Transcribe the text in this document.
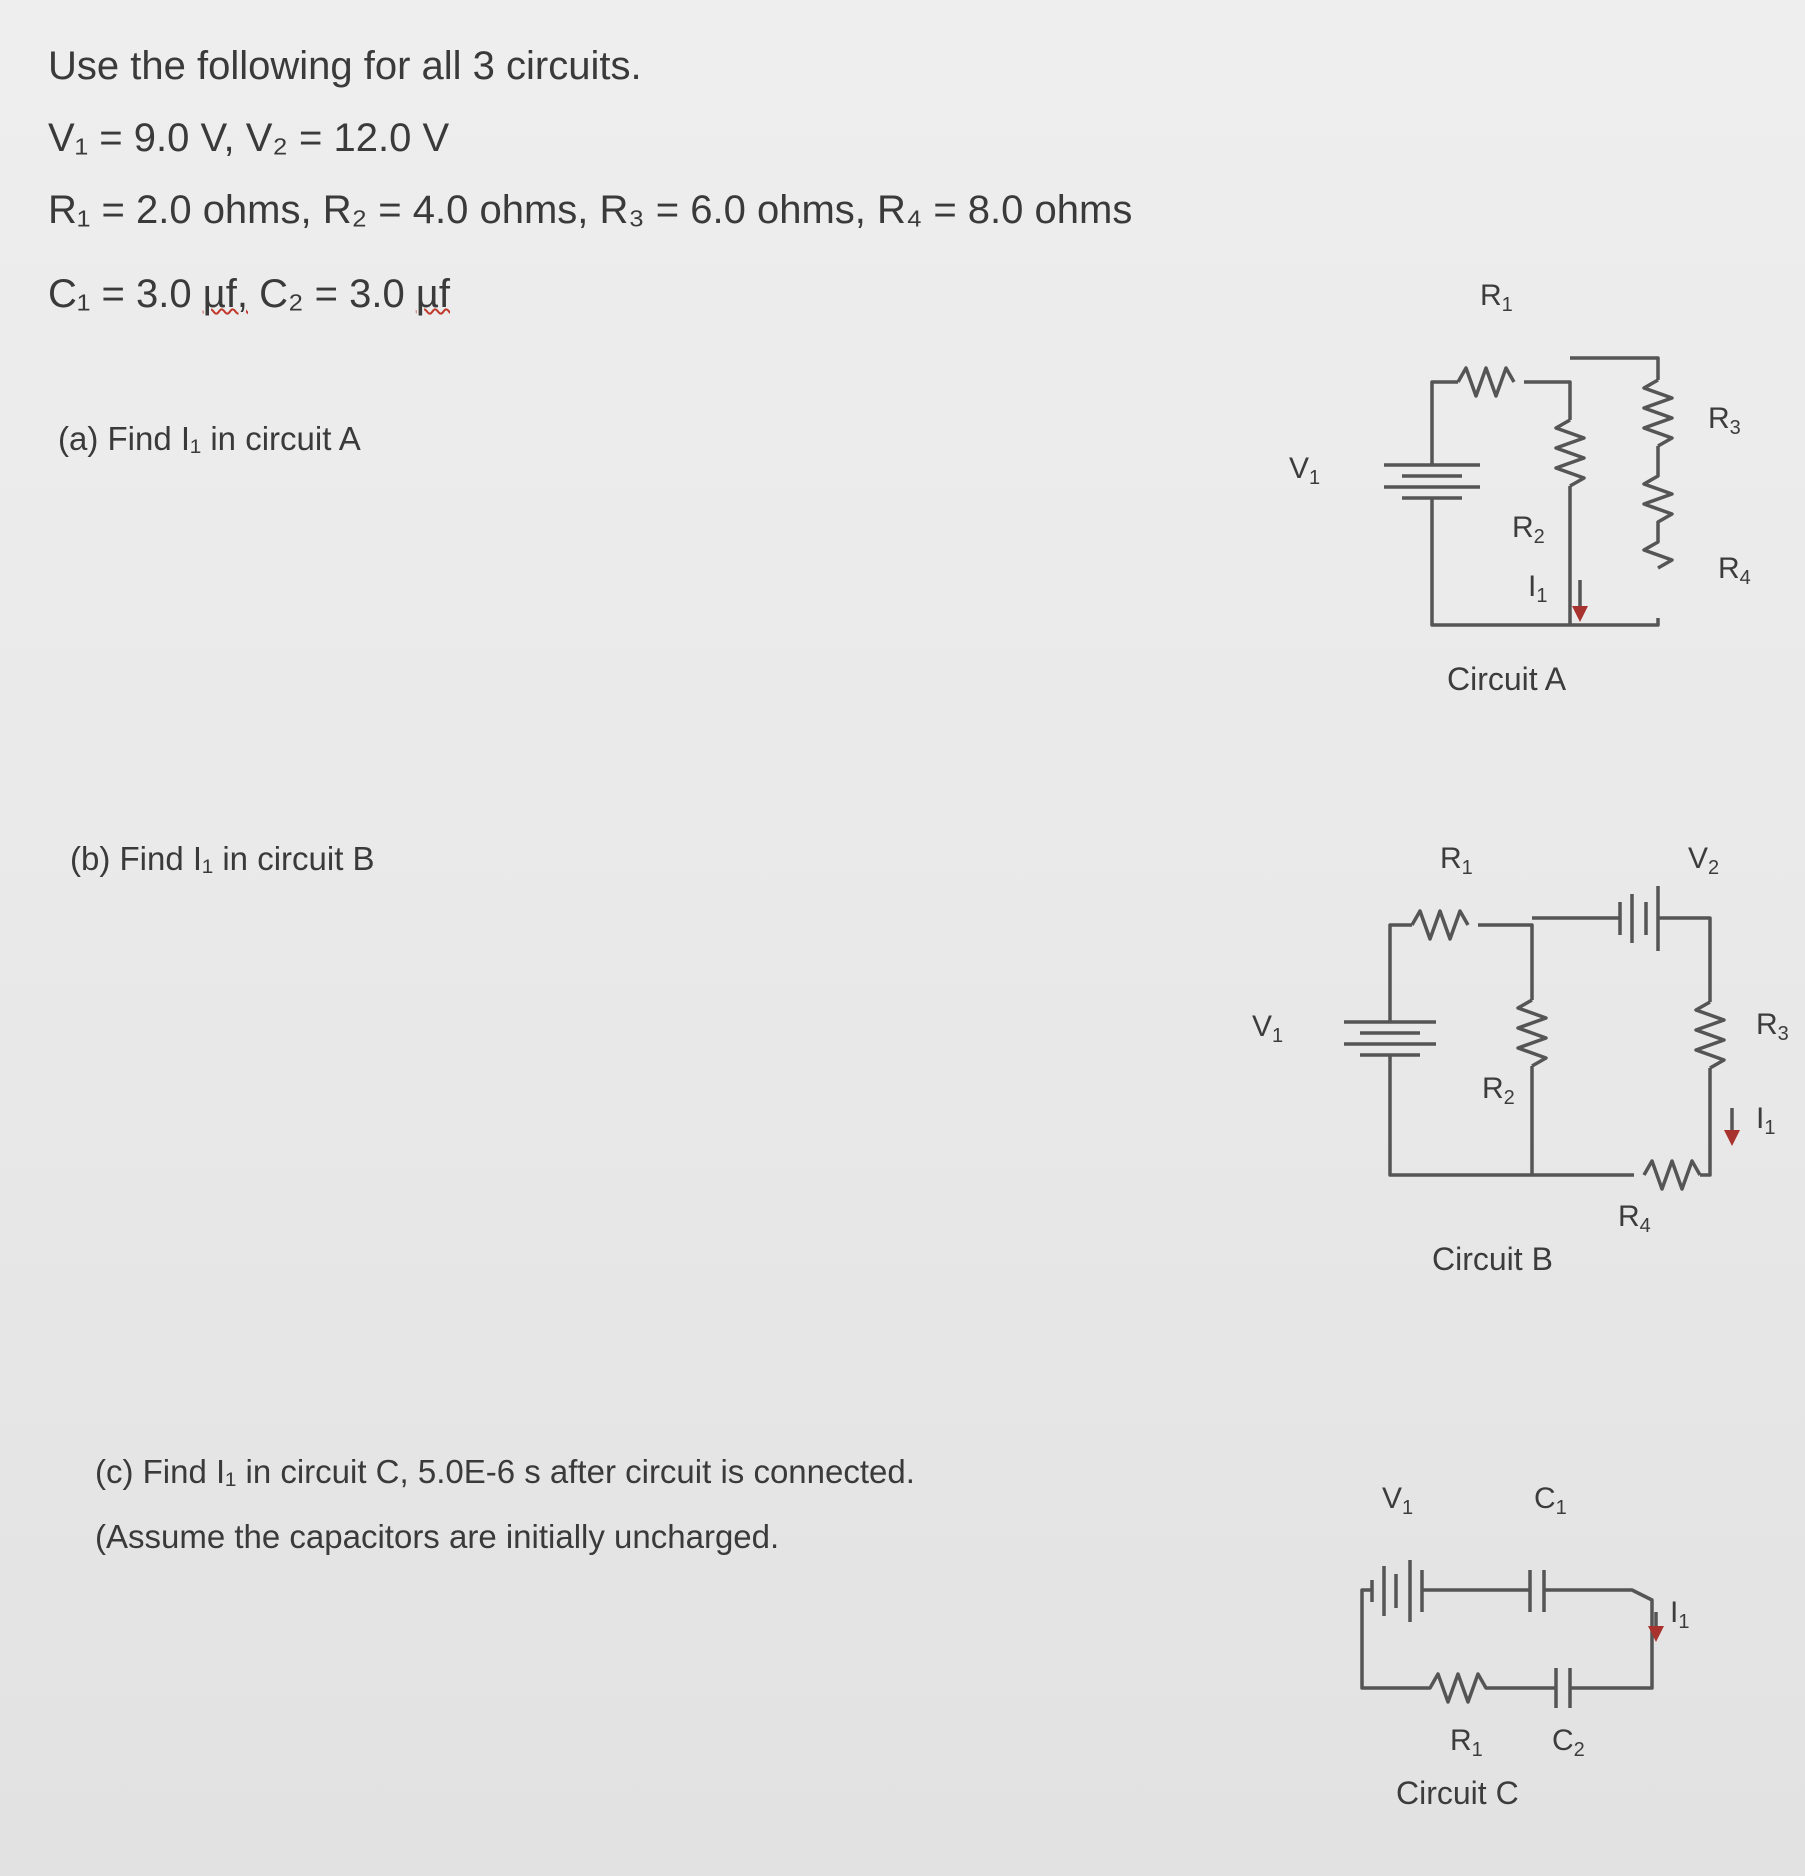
Use the following for all 3 circuits.
V₁ = 9.0 V, V₂ = 12.0 V
R₁ = 2.0 ohms, R₂ = 4.0 ohms, R₃ = 6.0 ohms, R₄ = 8.0 ohms
C₁ = 3.0 µf, C₂ = 3.0 µf
(a) Find I₁ in circuit A
(b) Find I₁ in circuit B
(c) Find I₁ in circuit C, 5.0E-6 s after circuit is connected.
(Assume the capacitors are initially uncharged.
$V_1$
$R_1$
$R_2$
$R_3$
$R_4$
$I_1$
Circuit A
$V_1$
$R_1$	$V_2$
$R_2$
$R_3$
$R_4$
$I_1$
Circuit B
$V_1$	$C_1$
$R_1$ $C_2$
$I_1$
Circuit C
